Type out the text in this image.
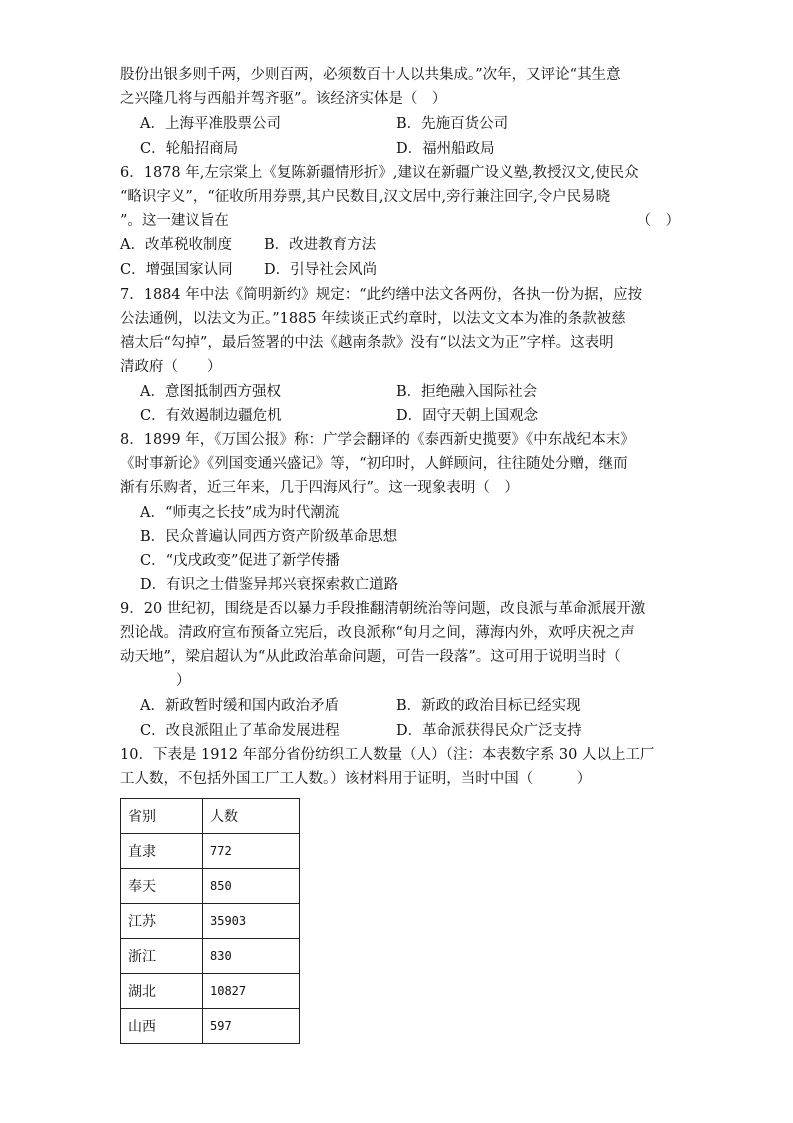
股份出银多则千两，少则百两，必须数百十人以共集成。”次年，又评论“其生意
之兴隆几将与西船并驾齐驱”。该经济实体是（　）
A．上海平准股票公司	B．先施百货公司
C．轮船招商局	D．福州船政局
6．1878 年,左宗棠上《复陈新疆情形折》,建议在新疆广设义塾,教授汉文,使民众
“略识字义”，“征收所用券票,其户民数目,汉文居中,旁行兼注回字,令户民易晓
”。这一建议旨在	（　）
A．改革税收制度 B．改进教育方法
C．增强国家认同 D．引导社会风尚
7．1884 年中法《简明新约》规定：“此约缮中法文各两份，各执一份为据，应按
公法通例，以法文为正。”1885 年续谈正式约章时，以法文文本为准的条款被慈
禧太后“勾掉”，最后签署的中法《越南条款》没有“以法文为正”字样。这表明
清政府（　　）
A．意图抵制西方强权	B．拒绝融入国际社会
C．有效遏制边疆危机	D．固守天朝上国观念
8．1899 年，《万国公报》称：广学会翻译的《泰西新史揽要》《中东战纪本末》
《时事新论》《列国变通兴盛记》等，“初印时，人鲜顾问，往往随处分赠，继而
渐有乐购者，近三年来，几于四海风行”。这一现象表明（　）
A．“师夷之长技”成为时代潮流
B．民众普遍认同西方资产阶级革命思想
C．“戊戌政变”促进了新学传播
D．有识之士借鉴异邦兴衰探索救亡道路
9．20 世纪初，围绕是否以暴力手段推翻清朝统治等问题，改良派与革命派展开激
烈论战。清政府宣布预备立宪后，改良派称“旬月之间，薄海内外，欢呼庆祝之声
动天地”，梁启超认为“从此政治革命问题，可告一段落”。这可用于说明当时（
）
A．新政暂时缓和国内政治矛盾	B．新政的政治目标已经实现
C．改良派阻止了革命发展进程	D．革命派获得民众广泛支持
10．下表是 1912 年部分省份纺织工人数量（人）（注：本表数字系 30 人以上工厂
工人数，不包括外国工厂工人数。）该材料用于证明，当时中国（　　　）
省别	人数
直隶	772
奉天	850
江苏	35903
浙江	830
湖北	10827
山西	597
